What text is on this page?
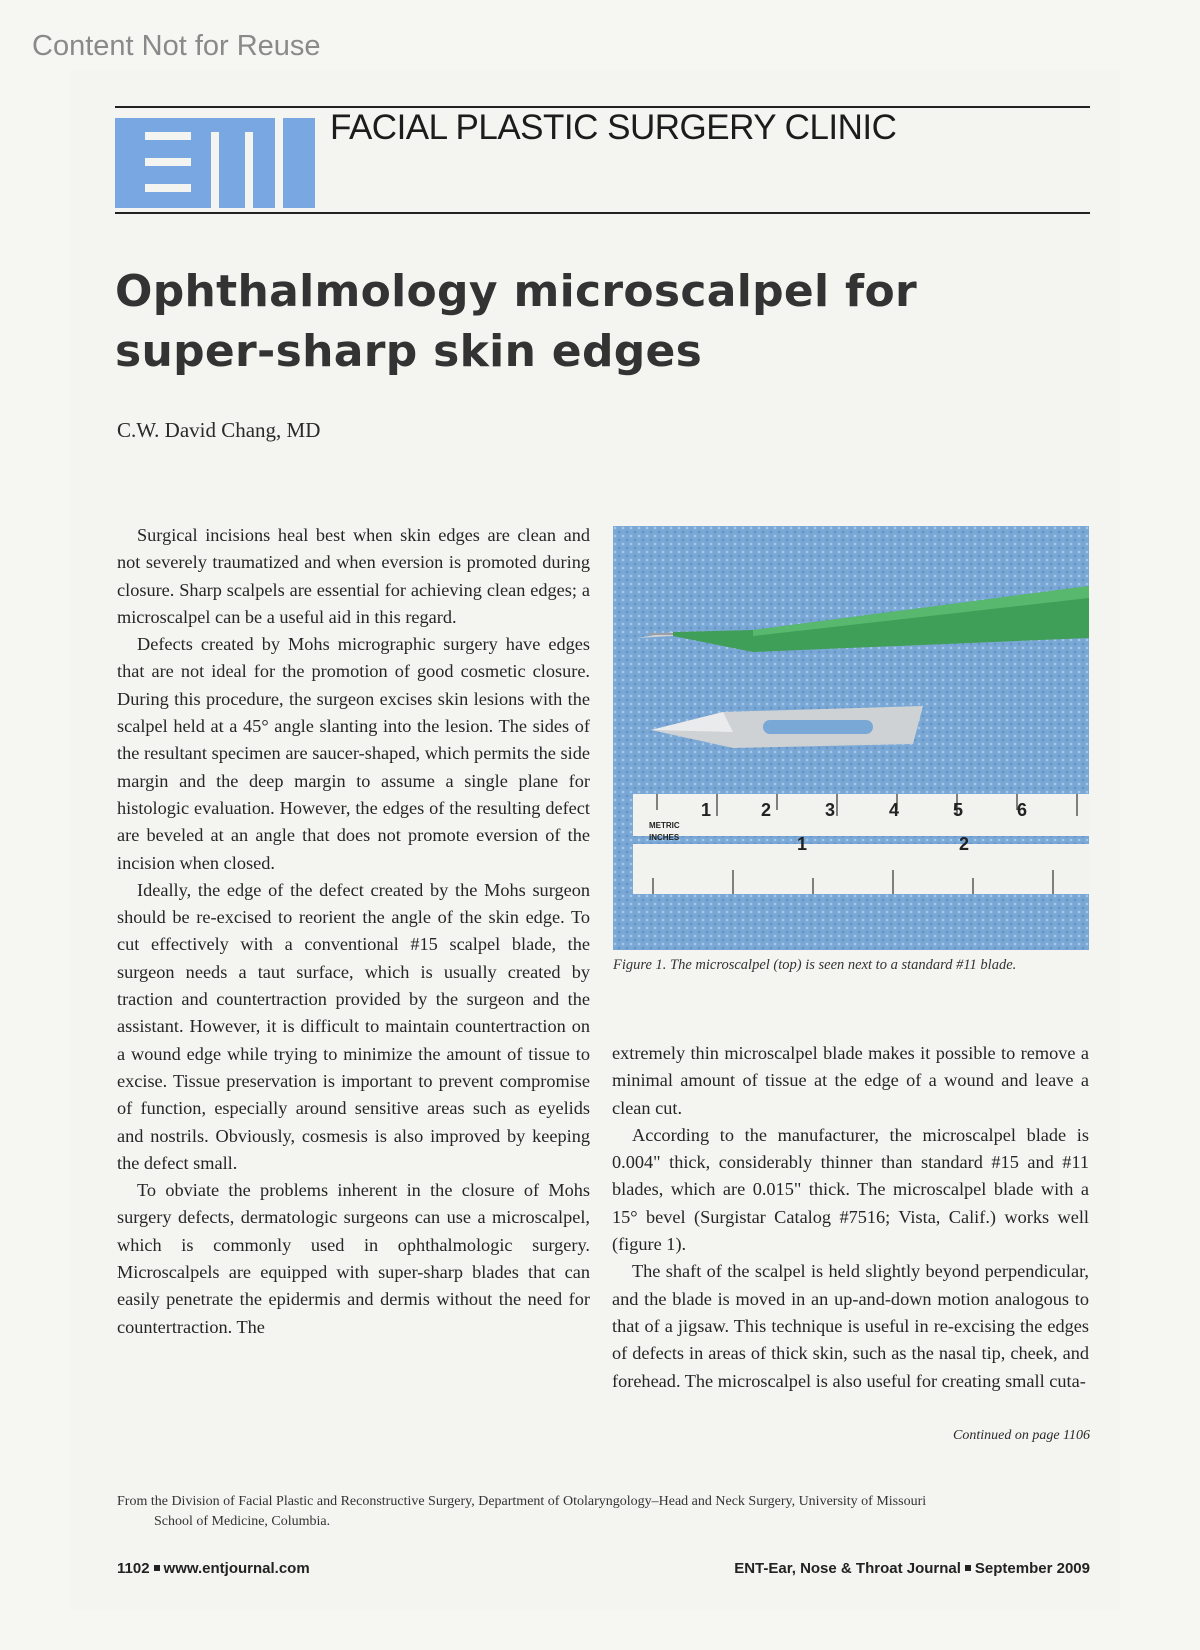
Content Not for Reuse
FACIAL PLASTIC SURGERY CLINIC
Ophthalmology microscalpel for
super-sharp skin edges
C.W. David Chang, MD

Surgical incisions heal best when skin edges are clean and not severely traumatized and when eversion is promoted during closure. Sharp scalpels are essential for achieving clean edges; a microscalpel can be a useful aid in this regard.

Defects created by Mohs micrographic surgery have edges that are not ideal for the promotion of good cosmetic closure. During this procedure, the surgeon excises skin lesions with the scalpel held at a 45° angle slanting into the lesion. The sides of the resultant specimen are saucer-shaped, which permits the side margin and the deep margin to assume a single plane for histologic evaluation. However, the edges of the resulting defect are beveled at an angle that does not promote eversion of the incision when closed.

Ideally, the edge of the defect created by the Mohs surgeon should be re-excised to reorient the angle of the skin edge. To cut effectively with a conventional #15 scalpel blade, the surgeon needs a taut surface, which is usually created by traction and countertraction provided by the surgeon and the assistant. However, it is difficult to maintain countertraction on a wound edge while trying to minimize the amount of tissue to excise. Tissue preservation is important to prevent compromise of function, especially around sensitive areas such as eyelids and nostrils. Obviously, cosmesis is also improved by keeping the defect small.

To obviate the problems inherent in the closure of Mohs surgery defects, dermatologic surgeons can use a microscalpel, which is commonly used in ophthalmologic surgery. Microscalpels are equipped with super-sharp blades that can easily penetrate the epidermis and dermis without the need for countertraction. The

1	2	3	4	5	6
METRIC
INCHES	1	2
Figure 1. The microscalpel (top) is seen next to a standard #11 blade.

extremely thin microscalpel blade makes it possible to remove a minimal amount of tissue at the edge of a wound and leave a clean cut.

According to the manufacturer, the microscalpel blade is 0.004" thick, considerably thinner than standard #15 and #11 blades, which are 0.015" thick. The microscalpel blade with a 15° bevel (Surgistar Catalog #7516; Vista, Calif.) works well (figure 1).

The shaft of the scalpel is held slightly beyond perpendicular, and the blade is moved in an up-and-down motion analogous to that of a jigsaw. This technique is useful in re-excising the edges of defects in areas of thick skin, such as the nasal tip, cheek, and forehead. The microscalpel is also useful for creating small cuta-

Continued on page 1106
From the Division of Facial Plastic and Reconstructive Surgery, Department of Otolaryngology–Head and Neck Surgery, University of Missouri
School of Medicine, Columbia.
1102 www.entjournal.com	ENT-Ear, Nose & Throat Journal September 2009
